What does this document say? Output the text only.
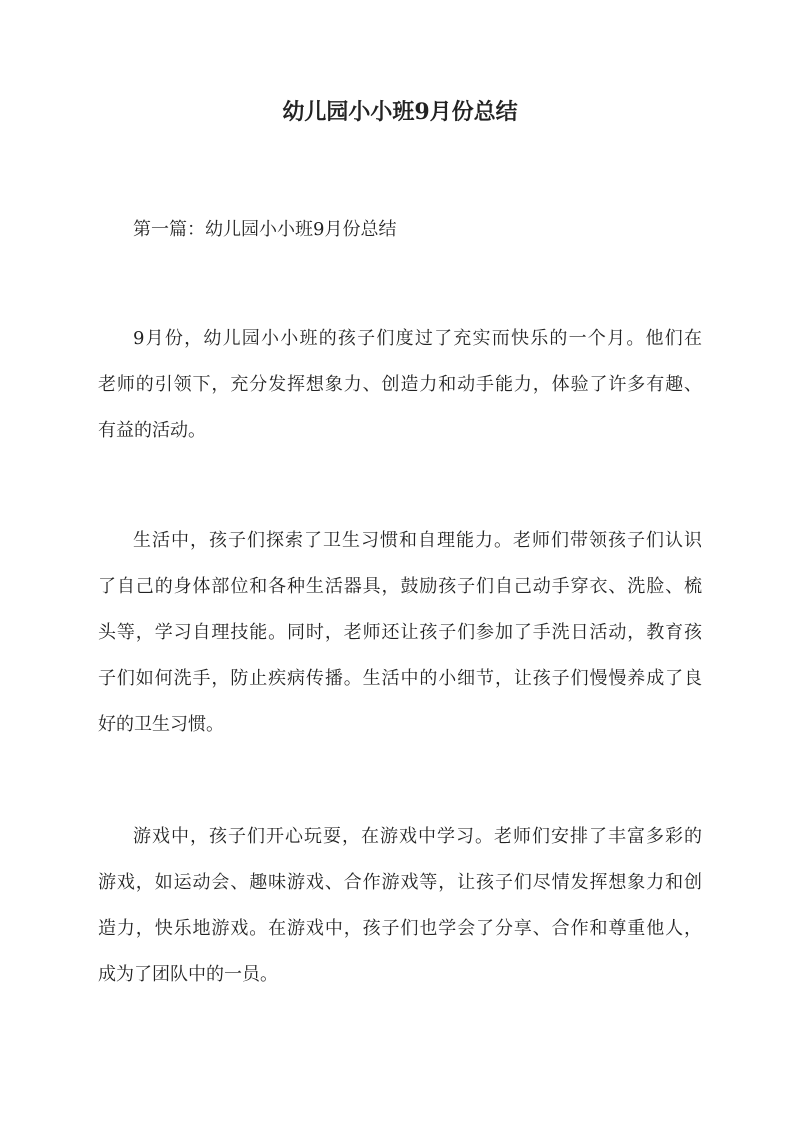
幼儿园小小班9月份总结

第一篇：幼儿园小小班9月份总结

9月份，幼儿园小小班的孩子们度过了充实而快乐的一个月。他们在
老师的引领下，充分发挥想象力、创造力和动手能力，体验了许多有趣、
有益的活动。
生活中，孩子们探索了卫生习惯和自理能力。老师们带领孩子们认识
了自己的身体部位和各种生活器具，鼓励孩子们自己动手穿衣、洗脸、梳
头等，学习自理技能。同时，老师还让孩子们参加了手洗日活动，教育孩
子们如何洗手，防止疾病传播。生活中的小细节，让孩子们慢慢养成了良
好的卫生习惯。
游戏中，孩子们开心玩耍，在游戏中学习。老师们安排了丰富多彩的
游戏，如运动会、趣味游戏、合作游戏等，让孩子们尽情发挥想象力和创
造力，快乐地游戏。在游戏中，孩子们也学会了分享、合作和尊重他人，
成为了团队中的一员。
